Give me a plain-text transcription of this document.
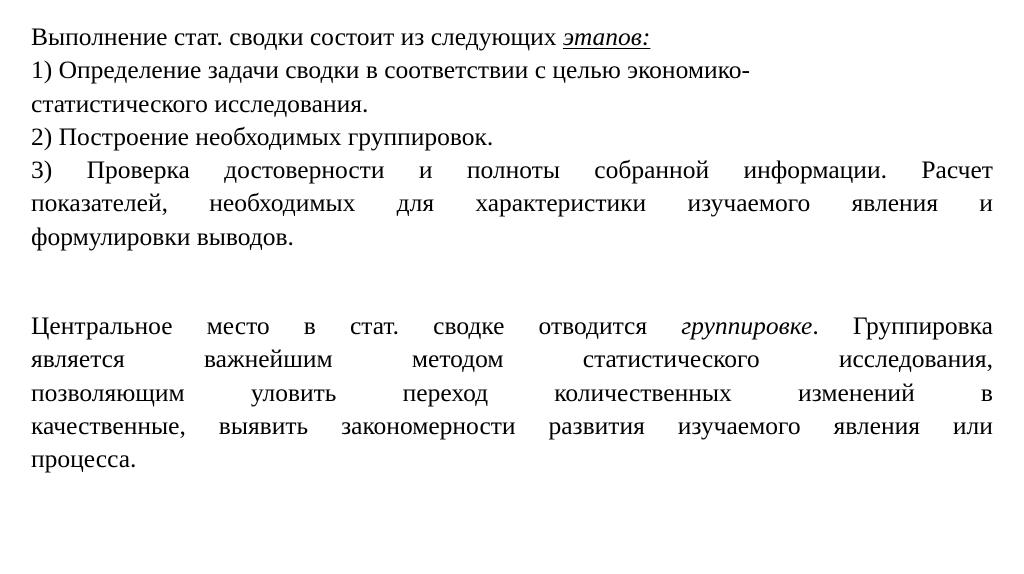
Выполнение стат. сводки состоит из следующих этапов:
1) Определение задачи сводки в соответствии с целью экономико-
статистического исследования.
2) Построение необходимых группировок.
3) Проверка достоверности и полноты собранной информации. Расчет
показателей, необходимых для характеристики изучаемого явления и
формулировки выводов.
Центральное место в стат. сводке отводится группировке. Группировка
является	важнейшим	методом	статистического	исследования,
позволяющим	уловить	переход	количественных	изменений	в
качественные, выявить закономерности развития изучаемого явления или
процесса.
